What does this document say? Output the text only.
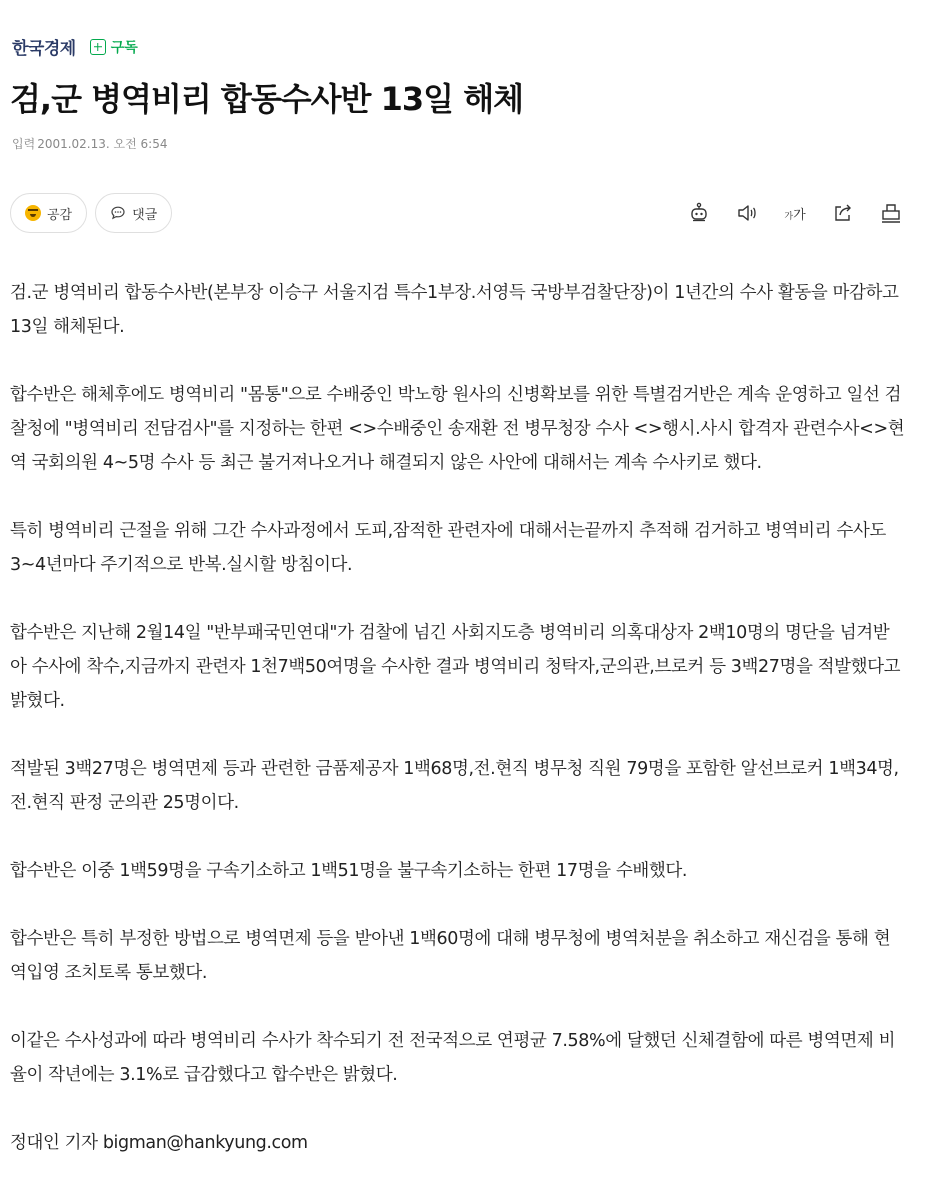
한국경제	구독
검,군 병역비리 합동수사반 13일 해체
입력 2001.02.13. 오전 6:54
공감	댓글	가가

검.군 병역비리 합동수사반(본부장 이승구 서울지검 특수1부장.서영득 국방부검찰단장)이 1년간의 수사 활동을 마감하고 13일 해체된다.

합수반은 해체후에도 병역비리 "몸통"으로 수배중인 박노항 원사의 신병확보를 위한 특별검거반은 계속 운영하고 일선 검찰청에 "병역비리 전담검사"를 지정하는 한편 <>수배중인 송재환 전 병무청장 수사 <>행시.사시 합격자 관련수사<>현역 국회의원 4~5명 수사 등 최근 불거져나오거나 해결되지 않은 사안에 대해서는 계속 수사키로 했다.

특히 병역비리 근절을 위해 그간 수사과정에서 도피,잠적한 관련자에 대해서는끝까지 추적해 검거하고 병역비리 수사도 3~4년마다 주기적으로 반복.실시할 방침이다.

합수반은 지난해 2월14일 "반부패국민연대"가 검찰에 넘긴 사회지도층 병역비리 의혹대상자 2백10명의 명단을 넘겨받아 수사에 착수,지금까지 관련자 1천7백50여명을 수사한 결과 병역비리 청탁자,군의관,브로커 등 3백27명을 적발했다고밝혔다.

적발된 3백27명은 병역면제 등과 관련한 금품제공자 1백68명,전.현직 병무청 직원 79명을 포함한 알선브로커 1백34명,전.현직 판정 군의관 25명이다.

합수반은 이중 1백59명을 구속기소하고 1백51명을 불구속기소하는 한편 17명을 수배했다.

합수반은 특히 부정한 방법으로 병역면제 등을 받아낸 1백60명에 대해 병무청에 병역처분을 취소하고 재신검을 통해 현역입영 조치토록 통보했다.

이같은 수사성과에 따라 병역비리 수사가 착수되기 전 전국적으로 연평균 7.58%에 달했던 신체결함에 따른 병역면제 비율이 작년에는 3.1%로 급감했다고 합수반은 밝혔다.

정대인 기자 bigman@hankyung.com
